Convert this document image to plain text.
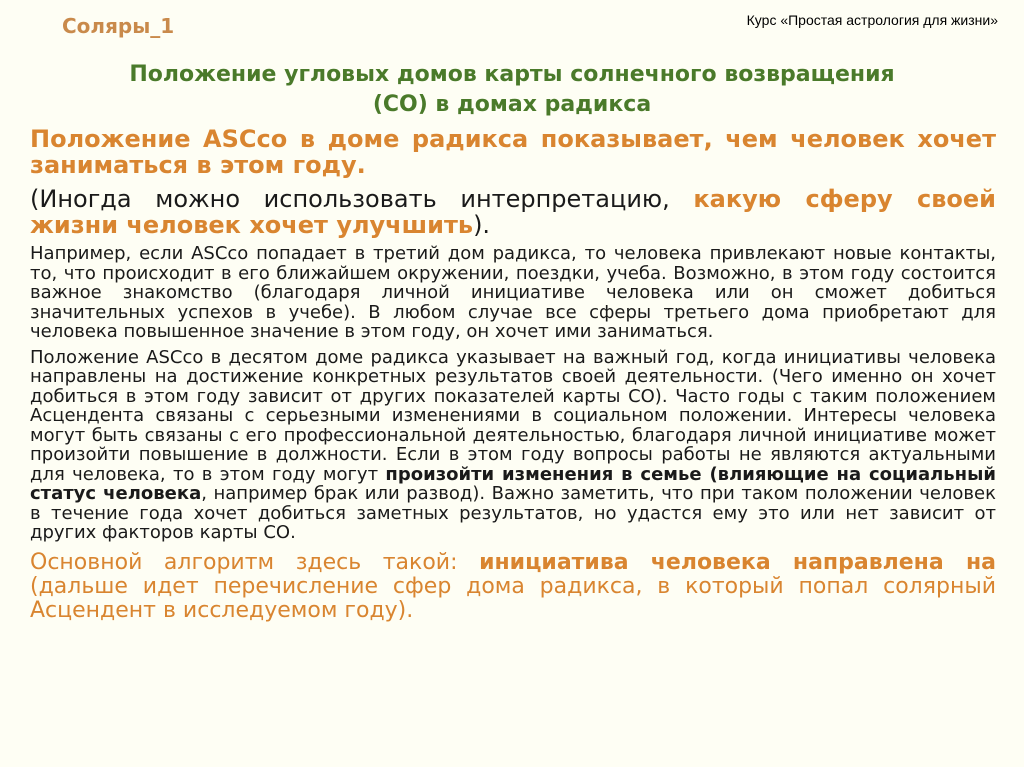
Соляры_1	Курс «Простая астрология для жизни»
Положение угловых домов карты солнечного возвращения
(СО) в домах радикса

Положение ASCсо в доме радикса показывает, чем человек хочет заниматься в этом году.

(Иногда можно использовать интерпретацию, какую сферу своей жизни человек хочет улучшить).

Например, если ASCсо попадает в третий дом радикса, то человека привлекают новые контакты, то, что происходит в его ближайшем окружении, поездки, учеба. Возможно, в этом году состоится важное знакомство (благодаря личной инициативе человека или он сможет добиться значительных успехов в учебе). В любом случае все сферы третьего дома приобретают для человека повышенное значение в этом году, он хочет ими заниматься.

Положение ASCсо в десятом доме радикса указывает на важный год, когда инициативы человека направлены на достижение конкретных результатов своей деятельности. (Чего именно он хочет добиться в этом году зависит от других показателей карты СО). Часто годы с таким положением Асцендента связаны с серьезными изменениями в социальном положении. Интересы человека могут быть связаны с его профессиональной деятельностью, благодаря личной инициативе может произойти повышение в должности. Если в этом году вопросы работы не являются актуальными для человека, то в этом году могут произойти изменения в семье (влияющие на социальный статус человека, например брак или развод). Важно заметить, что при таком положении человек в течение года хочет добиться заметных результатов, но удастся ему это или нет зависит от других факторов карты СО.

Основной алгоритм здесь такой: инициатива человека направлена на (дальше идет перечисление сфер дома радикса, в который попал солярный Асцендент в исследуемом году).
